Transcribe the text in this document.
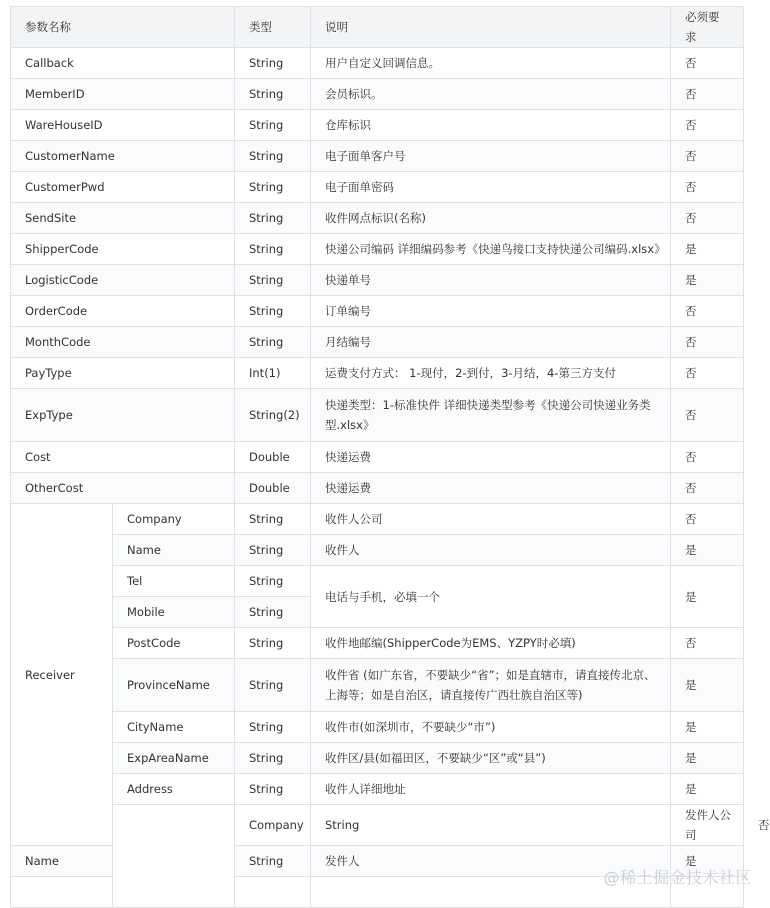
参数名称		类型	说明	必须要求	
Callback		String	用户自定义回调信息。	否	
MemberID		String	会员标识。	否	
WareHouseID		String	仓库标识	否	
CustomerName		String	电子面单客户号	否	
CustomerPwd		String	电子面单密码	否	
SendSite		String	收件网点标识(名称)	否	
ShipperCode		String	快递公司编码 详细编码参考《快递鸟接口支持快递公司编码.xlsx》	是	
LogisticCode		String	快递单号	是	
OrderCode		String	订单编号	否	
MonthCode		String	月结编号	否	
PayType		Int(1)	运费支付方式： 1-现付，2-到付，3-月结，4-第三方支付	否	
ExpType		String(2)	快递类型：1-标准快件 详细快递类型参考《快递公司快递业务类型.xlsx》	否	
Cost		Double	快递运费	否	
OtherCost		Double	快递运费	否	
Receiver	Company	String	收件人公司	否	
	Name	String	收件人	是	
	Tel	String	电话与手机，必填一个	是	
	Mobile	String			
	PostCode	String	收件地邮编(ShipperCode为EMS、YZPY时必填)	否	
	ProvinceName	String	收件省 (如广东省，不要缺少“省”；如是直辖市，请直接传北京、上海等；如是自治区，请直接传广西壮族自治区等)	是	
	CityName	String	收件市(如深圳市，不要缺少“市”)	是	
	ExpAreaName	String	收件区/县(如福田区，不要缺少“区”或“县”)	是	
	Address	String	收件人详细地址	是	
		Company	String	发件人公司	否
Name		String	发件人	是	

@稀土掘金技术社区
